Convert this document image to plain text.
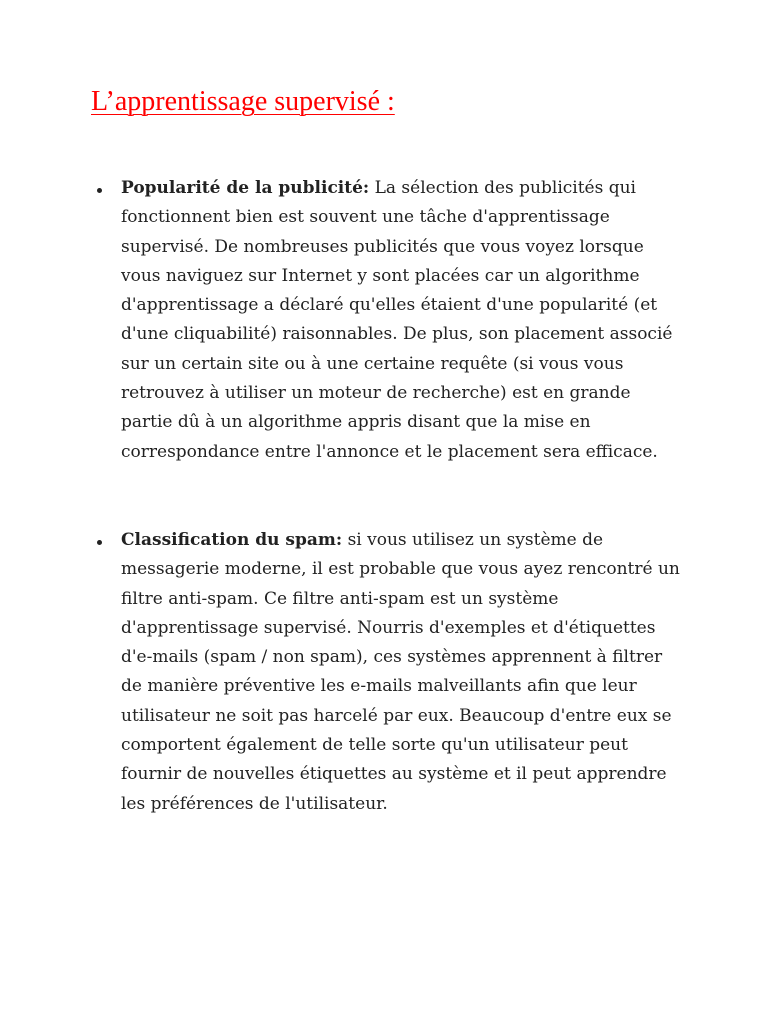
L’apprentissage supervisé :

Popularité de la publicité: La sélection des publicités qui fonctionnent bien est souvent une tâche d'apprentissage supervisé. De nombreuses publicités que vous voyez lorsque vous naviguez sur Internet y sont placées car un algorithme d'apprentissage a déclaré qu'elles étaient d'une popularité (et d'une cliquabilité) raisonnables. De plus, son placement associé sur un certain site ou à une certaine requête (si vous vous retrouvez à utiliser un moteur de recherche) est en grande partie dû à un algorithme appris disant que la mise en correspondance entre l'annonce et le placement sera efficace.

Classification du spam: si vous utilisez un système de messagerie moderne, il est probable que vous ayez rencontré un filtre anti-spam. Ce filtre anti-spam est un système d'apprentissage supervisé. Nourris d'exemples et d'étiquettes d'e-mails (spam / non spam), ces systèmes apprennent à filtrer de manière préventive les e-mails malveillants afin que leur utilisateur ne soit pas harcelé par eux. Beaucoup d'entre eux se comportent également de telle sorte qu'un utilisateur peut fournir de nouvelles étiquettes au système et il peut apprendre les préférences de l'utilisateur.
